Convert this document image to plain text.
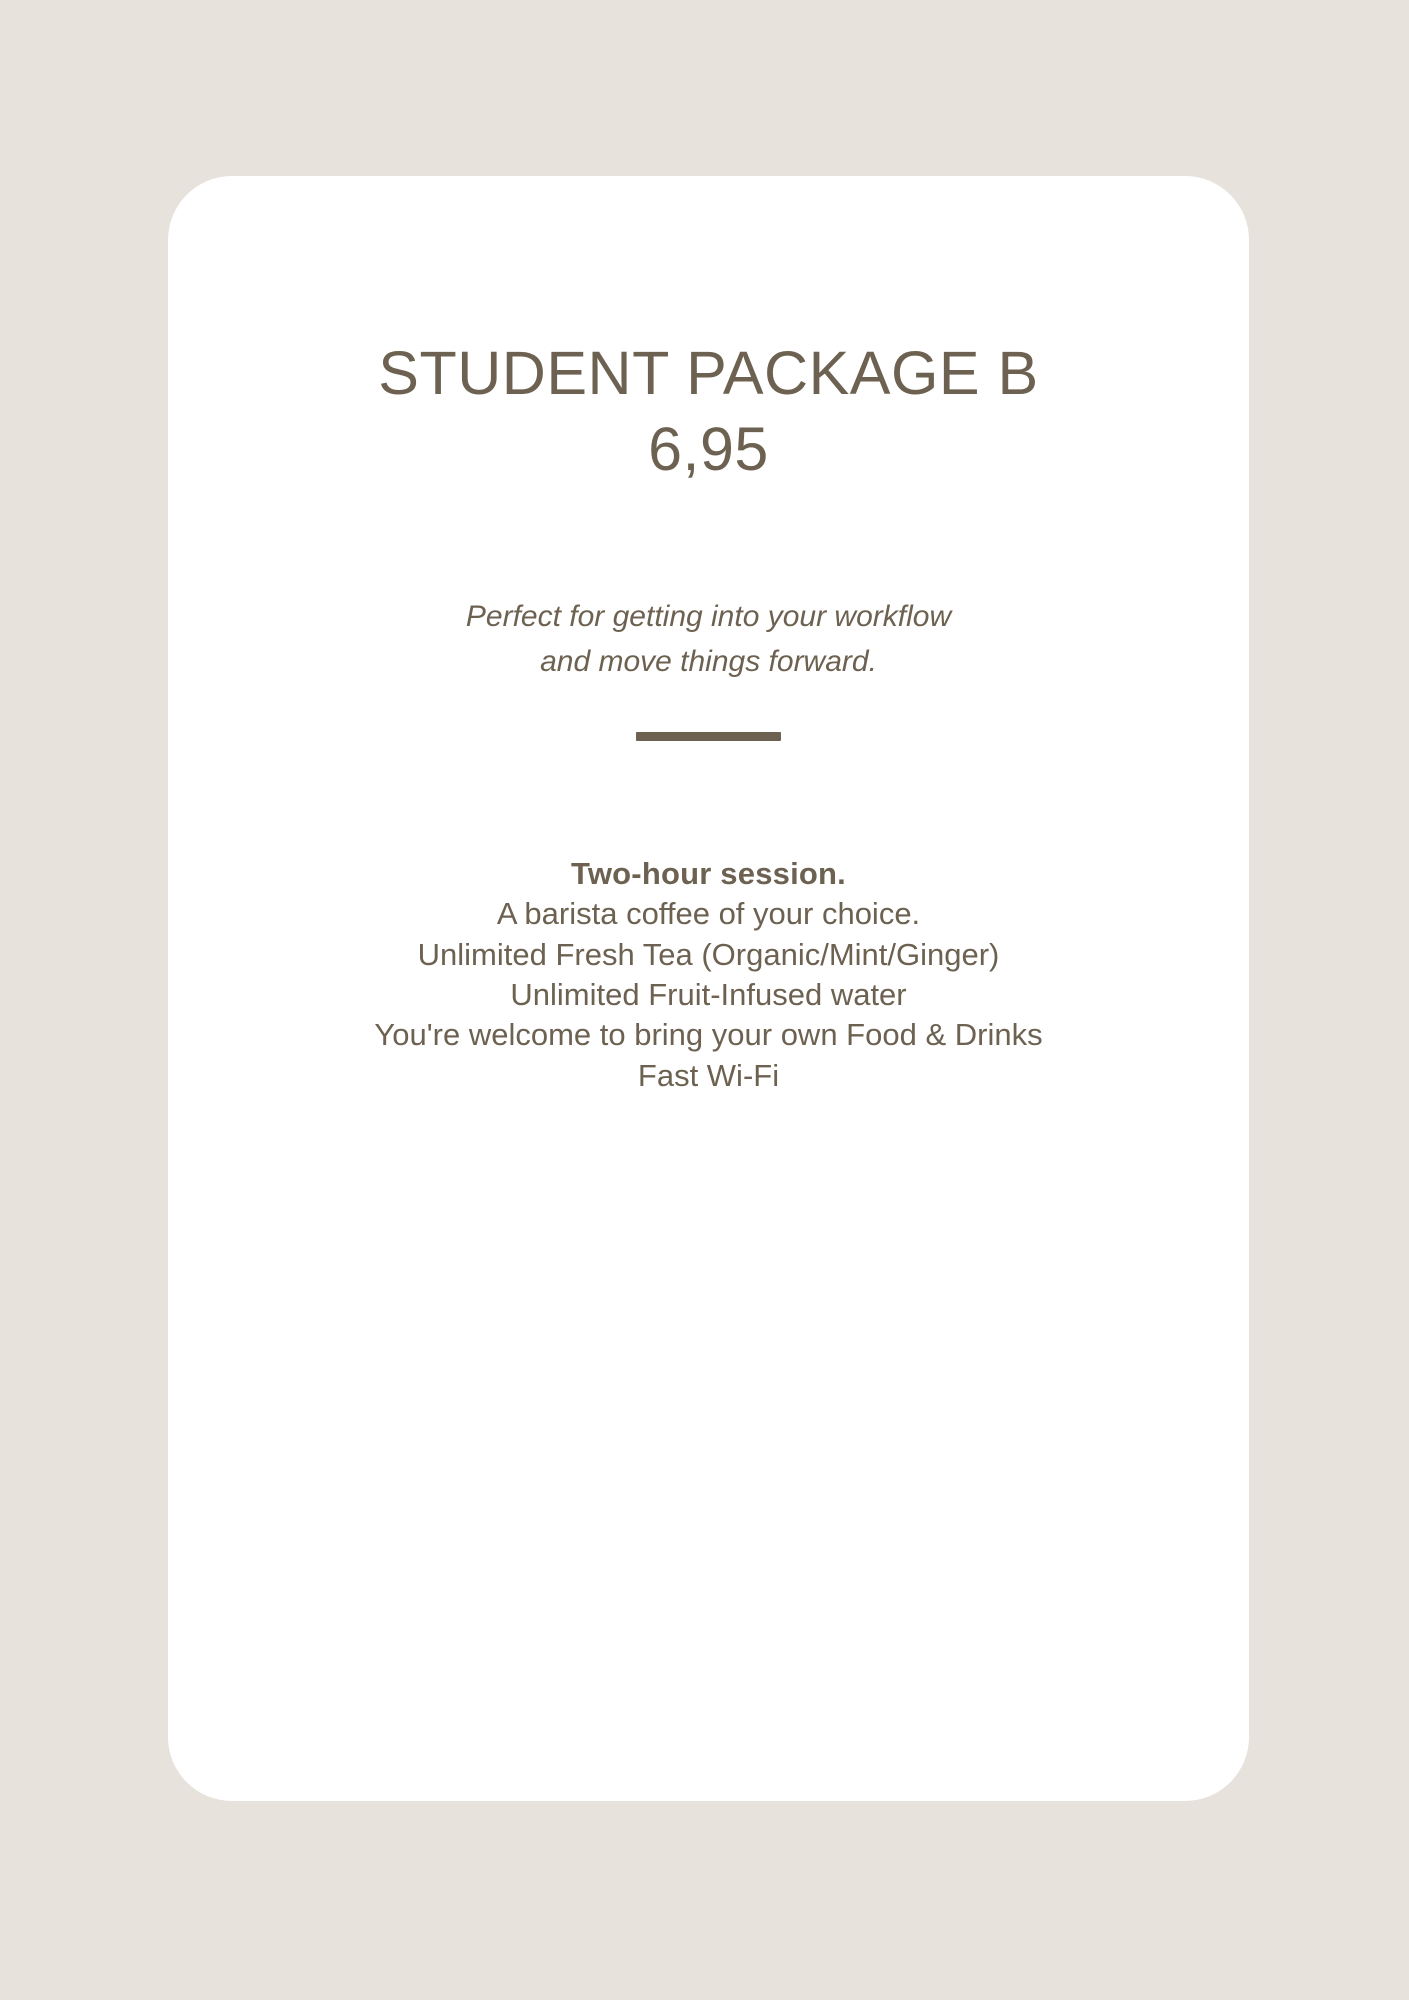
STUDENT PACKAGE B
6,95

Perfect for getting into your workflow and move things forward.

Two-hour session.
A barista coffee of your choice.
Unlimited Fresh Tea (Organic/Mint/Ginger)
Unlimited Fruit-Infused water
You're welcome to bring your own Food & Drinks
Fast Wi-Fi
